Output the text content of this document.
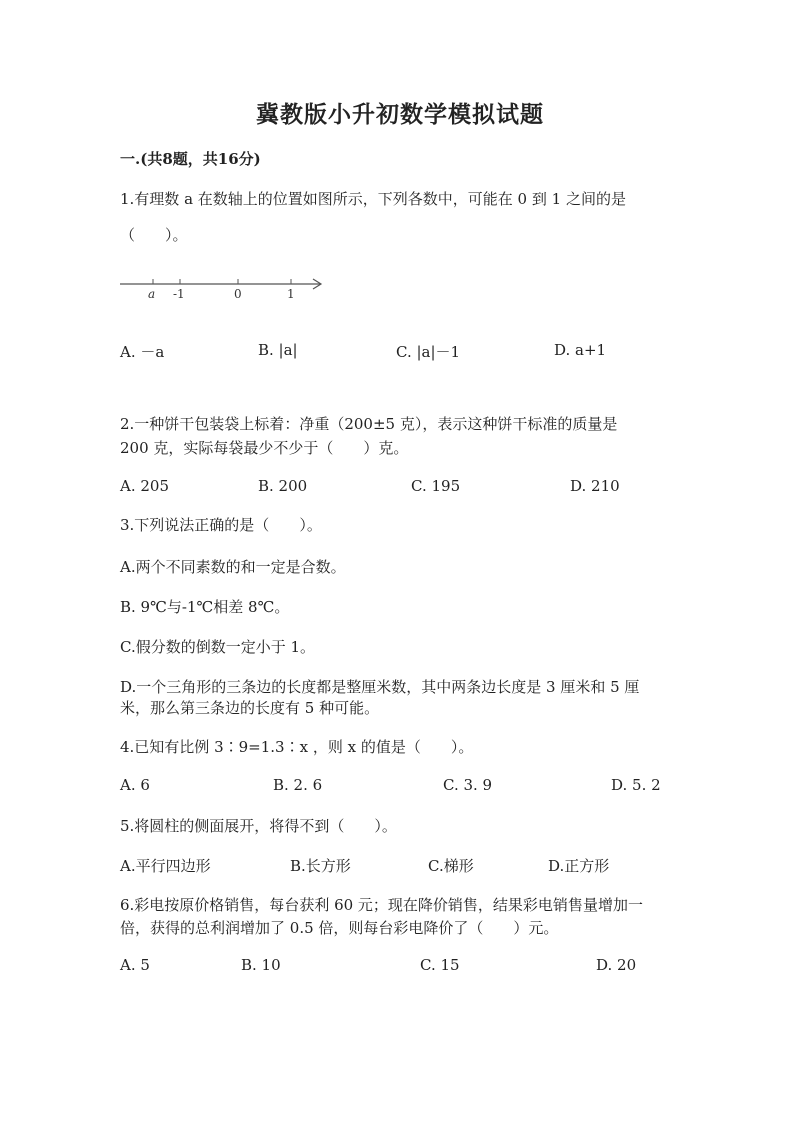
冀教版小升初数学模拟试题
一.(共8题，共16分)
1.有理数 a 在数轴上的位置如图所示，下列各数中，可能在 0 到 1 之间的是
（　　）。
a -1	0	1
A. －a	B. |a|	C. |a|－1	D. a+1
2.一种饼干包装袋上标着：净重（200±5 克），表示这种饼干标准的质量是
200 克，实际每袋最少不少于（　　）克。
A. 205	B. 200	C. 195	D. 210
3.下列说法正确的是（　　）。
A.两个不同素数的和一定是合数。
B. 9℃与-1℃相差 8℃。
C.假分数的倒数一定小于 1。
D.一个三角形的三条边的长度都是整厘米数，其中两条边长度是 3 厘米和 5 厘
米，那么第三条边的长度有 5 种可能。
4.已知有比例 3∶9=1.3∶x ，则 x 的值是（　　）。
A. 6	B. 2. 6	C. 3. 9	D. 5. 2
5.将圆柱的侧面展开，将得不到（　　）。
A.平行四边形	B.长方形	C.梯形	D.正方形
6.彩电按原价格销售，每台获利 60 元；现在降价销售，结果彩电销售量增加一
倍，获得的总利润增加了 0.5 倍，则每台彩电降价了（　　）元。
A. 5	B. 10	C. 15	D. 20
